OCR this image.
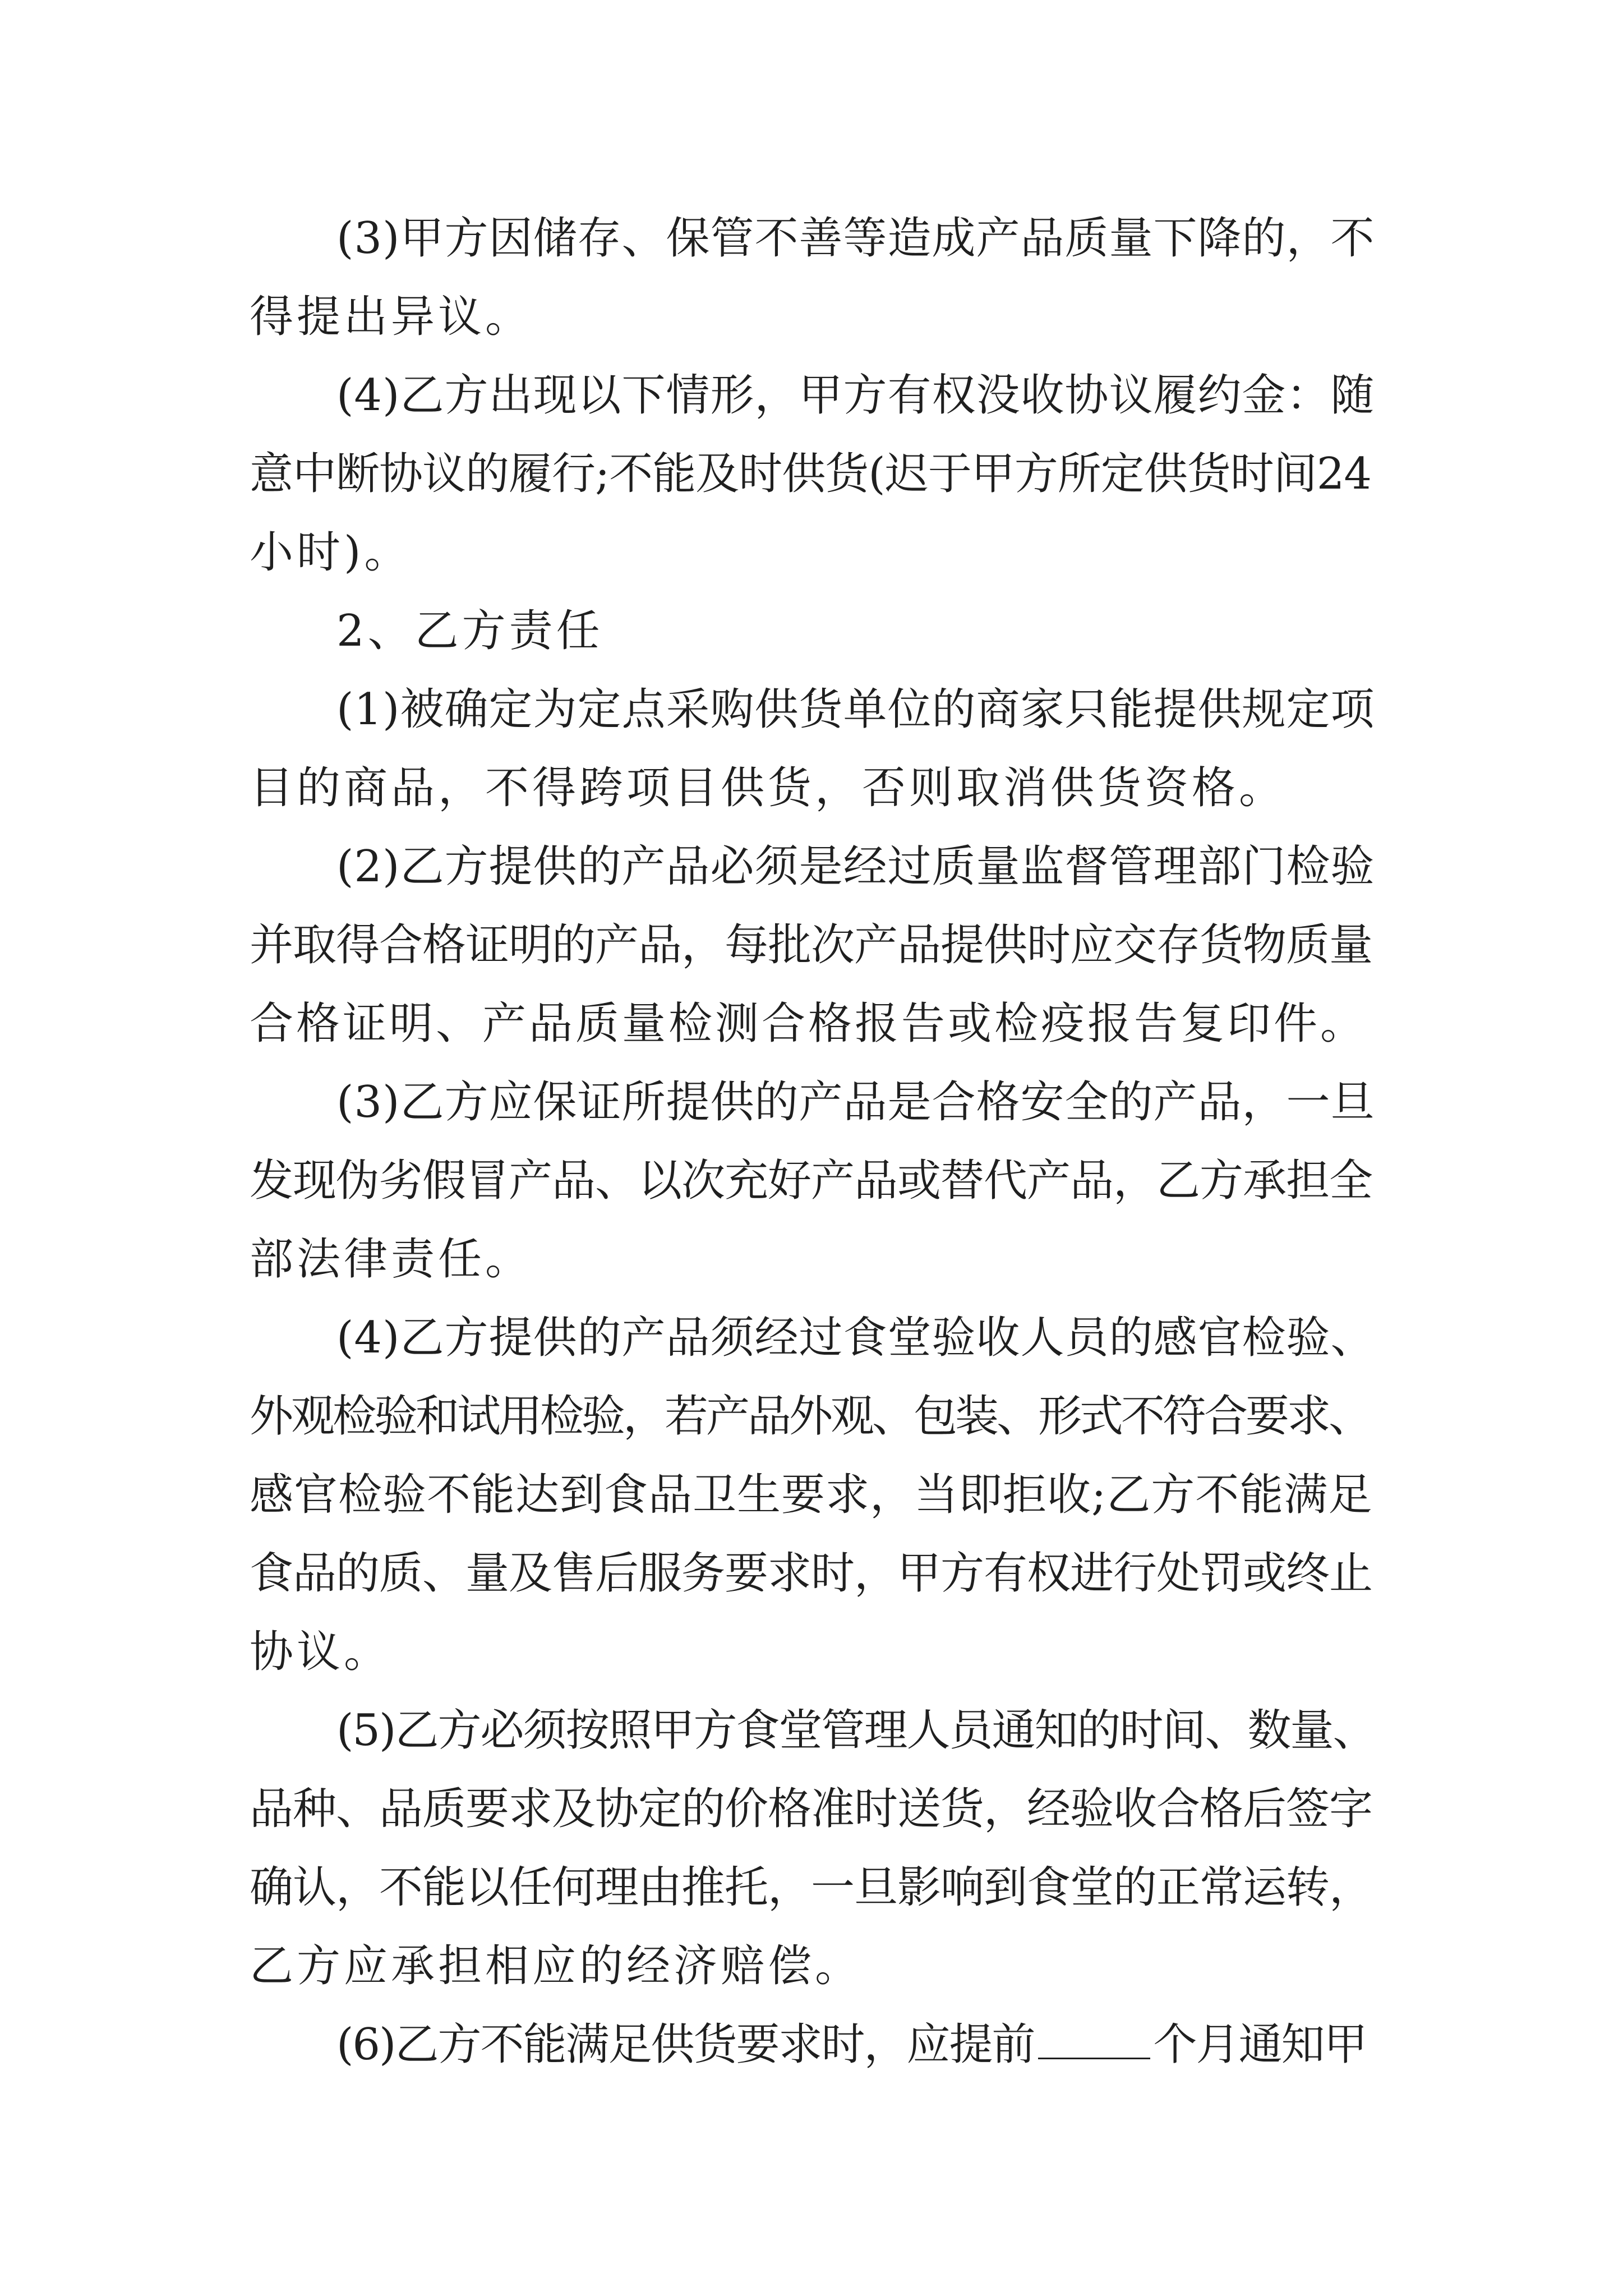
(3)甲方因储存、保管不善等造成产品质量下降的，不

得提出异议。

(4)乙方出现以下情形，甲方有权没收协议履约金：随

意中断协议的履行;不能及时供货(迟于甲方所定供货时间24

小时)。

2、乙方责任

(1)被确定为定点采购供货单位的商家只能提供规定项

目的商品，不得跨项目供货，否则取消供货资格。

(2)乙方提供的产品必须是经过质量监督管理部门检验

并取得合格证明的产品，每批次产品提供时应交存货物质量

合格证明、产品质量检测合格报告或检疫报告复印件。

(3)乙方应保证所提供的产品是合格安全的产品，一旦

发现伪劣假冒产品、以次充好产品或替代产品，乙方承担全

部法律责任。

(4)乙方提供的产品须经过食堂验收人员的感官检验、

外观检验和试用检验，若产品外观、包装、形式不符合要求、

感官检验不能达到食品卫生要求，当即拒收;乙方不能满足

食品的质、量及售后服务要求时，甲方有权进行处罚或终止

协议。

(5)乙方必须按照甲方食堂管理人员通知的时间、数量、

品种、品质要求及协定的价格准时送货，经验收合格后签字

确认，不能以任何理由推托，一旦影响到食堂的正常运转，

乙方应承担相应的经济赔偿。

(6)乙方不能满足供货要求时，应提前	个月通知甲
